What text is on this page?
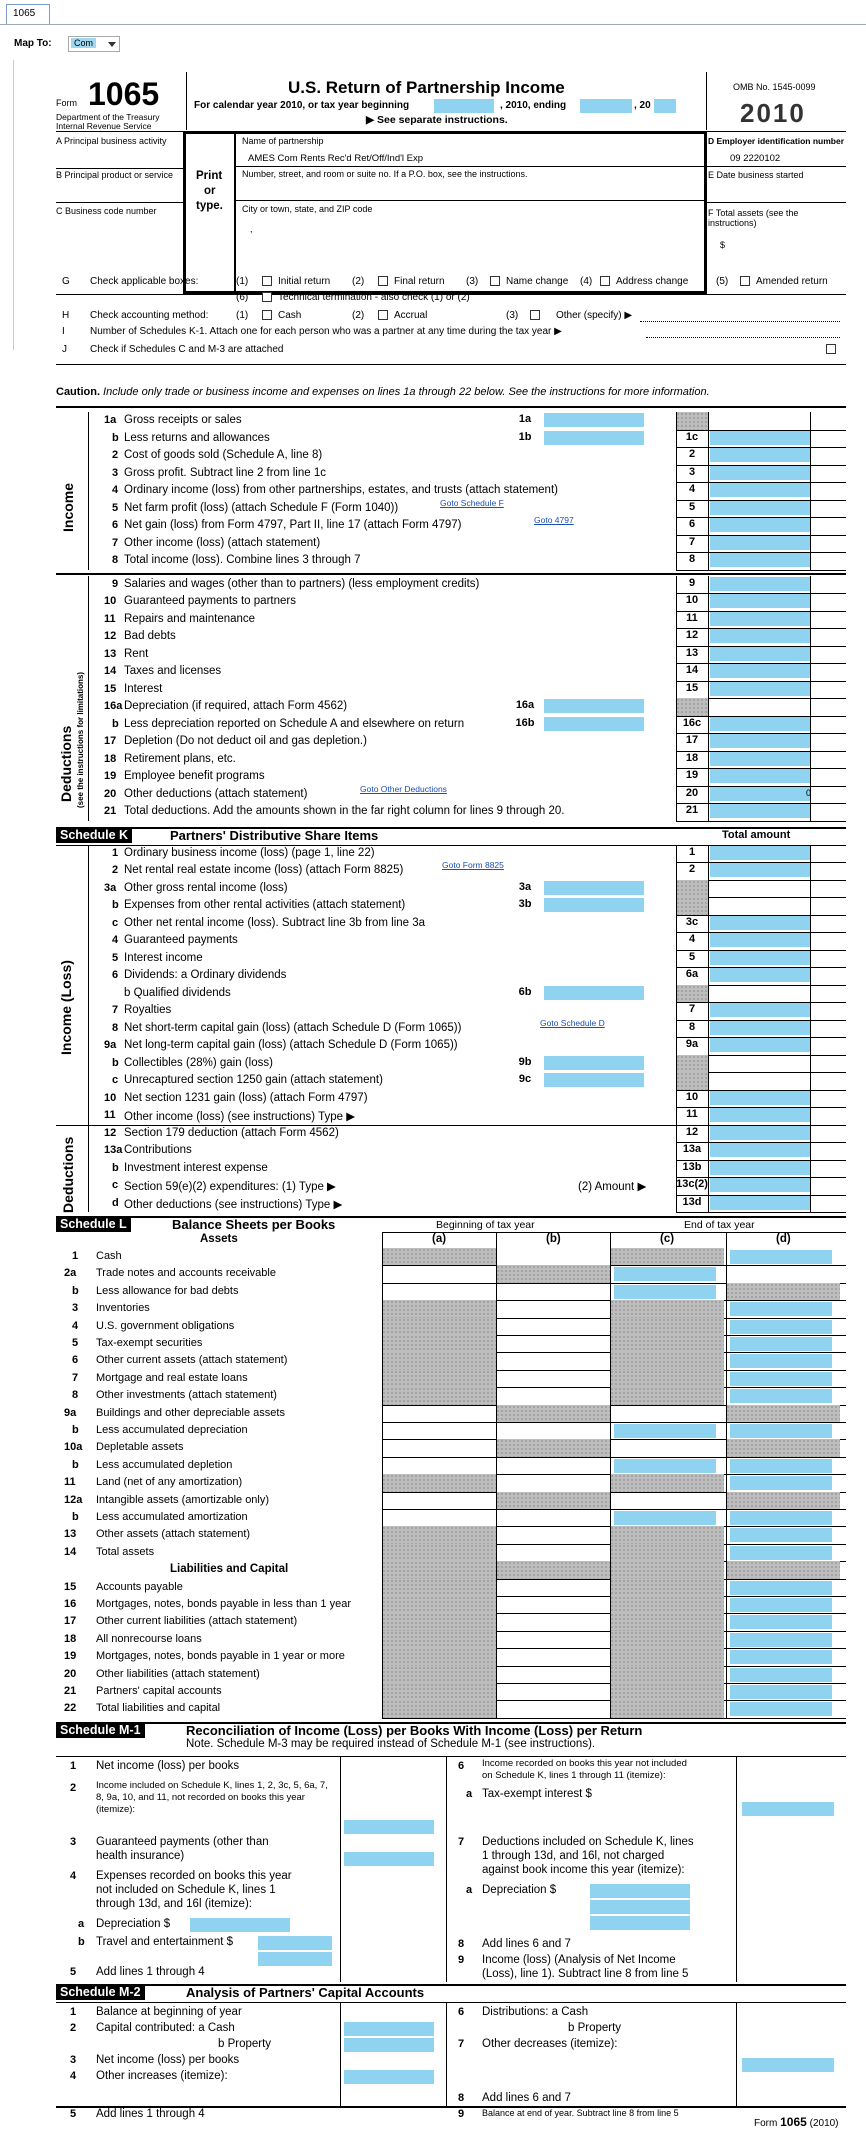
1065
Map To:	Com
Form 1065
Department of the Treasury
Internal Revenue Service
U.S. Return of Partnership Income
For calendar year 2010, or tax year beginning	, 2010, ending	, 20
▶ See separate instructions.
OMB No. 1545-0099
2010
A Principal business activity
B Principal product or service
C Business code number
Print
or
type.
Name of partnership
AMES Com Rents Rec'd Ret/Off/Ind'l Exp
Number, street, and room or suite no. If a P.O. box, see the instructions.
City or town, state, and ZIP code
,
D Employer identification number
09 2220102
E Date business started
F Total assets (see the instructions)
$
G Check applicable boxes:	(1)	Initial return (2)	Final return (3)	Name change (4) Address change	(5)	Amended return
(6)	Technical termination - also check (1) or (2)
H Check accounting method:	(1)	Cash	(2)	Accrual	(3)	Other (specify) ▶
I	Number of Schedules K-1. Attach one for each person who was a partner at any time during the tax year ▶
J Check if Schedules C and M-3 are attached
Caution. Include only trade or business income and expenses on lines 1a through 22 below. See the instructions for more information.
Income
1a Gross receipts or sales	1a
b Less returns and allowances	1b	1c
2 Cost of goods sold (Schedule A, line 8)	2
3 Gross profit. Subtract line 2 from line 1c	3
4 Ordinary income (loss) from other partnerships, estates, and trusts (attach statement)	4
5 Net farm profit (loss) (attach Schedule F (Form 1040))	5
6 Net gain (loss) from Form 4797, Part II, line 17 (attach Form 4797)	6
7 Other income (loss) (attach statement)	7
8 Total income (loss). Combine lines 3 through 7	8
Goto Schedule F
Goto 4797
Deductions (see the instructions for limitations)
9 Salaries and wages (other than to partners) (less employment credits)	9
10 Guaranteed payments to partners	10
11 Repairs and maintenance	11
12 Bad debts	12
13 Rent	13
14 Taxes and licenses	14
15 Interest	15
16a Depreciation (if required, attach Form 4562)	16a
b Less depreciation reported on Schedule A and elsewhere on return	16b	16c
17 Depletion (Do not deduct oil and gas depletion.)	17
18 Retirement plans, etc.	18
19 Employee benefit programs	19
20 Other deductions (attach statement)	20
21 Total deductions. Add the amounts shown in the far right column for lines 9 through 20.	21
Goto Other Deductions	0
Schedule K	Partners' Distributive Share Items	Total amount
Income (Loss)
Deductions
1 Ordinary business income (loss) (page 1, line 22)	1
2 Net rental real estate income (loss) (attach Form 8825)	2
3a Other gross rental income (loss)	3a
b Expenses from other rental activities (attach statement)	3b
c Other net rental income (loss). Subtract line 3b from line 3a	3c
4 Guaranteed payments	4
5 Interest income	5
6 Dividends: a Ordinary dividends	6a
b Qualified dividends	6b
7 Royalties	7
8 Net short-term capital gain (loss) (attach Schedule D (Form 1065))	8
9a Net long-term capital gain (loss) (attach Schedule D (Form 1065))	9a
b Collectibles (28%) gain (loss)	9b
c Unrecaptured section 1250 gain (attach statement)	9c
10 Net section 1231 gain (loss) (attach Form 4797)	10
11 Other income (loss) (see instructions) Type ▶	11
12 Section 179 deduction (attach Form 4562)	12
13a Contributions	13a
b Investment interest expense	13b
c Section 59(e)(2) expenditures: (1) Type ▶	13c(2)
d Other deductions (see instructions) Type ▶	13d
Goto Form 8825
Goto Schedule D
(2) Amount ▶
Schedule L	Balance Sheets per Books	Beginning of tax year	End of tax year
Assets	(a)	(b)	(c)	(d)
1 Cash
2a Trade notes and accounts receivable
b Less allowance for bad debts
3 Inventories
4 U.S. government obligations
5 Tax-exempt securities
6 Other current assets (attach statement)
7 Mortgage and real estate loans
8 Other investments (attach statement)
9a Buildings and other depreciable assets
b Less accumulated depreciation
10a Depletable assets
b Less accumulated depletion
11 Land (net of any amortization)
12a Intangible assets (amortizable only)
b Less accumulated amortization
13 Other assets (attach statement)
14 Total assets
Liabilities and Capital
15 Accounts payable
16 Mortgages, notes, bonds payable in less than 1 year
17 Other current liabilities (attach statement)
18 All nonrecourse loans
19 Mortgages, notes, bonds payable in 1 year or more
20 Other liabilities (attach statement)
21 Partners' capital accounts
22 Total liabilities and capital
Schedule M-1	Reconciliation of Income (Loss) per Books With Income (Loss) per Return
Note. Schedule M-3 may be required instead of Schedule M-1 (see instructions).
1 Net income (loss) per books
2 Income included on Schedule K, lines 1, 2, 3c, 5, 6a, 7, 8, 9a, 10, and 11, not recorded on books this year (itemize):
3 Guaranteed payments (other than
health insurance)
4 Expenses recorded on books this year
not included on Schedule K, lines 1
through 13d, and 16l (itemize):
a Depreciation $
b Travel and entertainment $
5 Add lines 1 through 4
6 Income recorded on books this year not included
on Schedule K, lines 1 through 11 (itemize):
a Tax-exempt interest $
7 Deductions included on Schedule K, lines
1 through 13d, and 16l, not charged
against book income this year (itemize):
a Depreciation $
8 Add lines 6 and 7
9 Income (loss) (Analysis of Net Income
(Loss), line 1). Subtract line 8 from line 5
Schedule M-2	Analysis of Partners' Capital Accounts
1 Balance at beginning of year
2 Capital contributed: a Cash
b Property
3 Net income (loss) per books
4 Other increases (itemize):
5 Add lines 1 through 4
6 Distributions: a Cash
b Property
7 Other decreases (itemize):
8 Add lines 6 and 7
9 Balance at end of year. Subtract line 8 from line 5
Form 1065 (2010)
